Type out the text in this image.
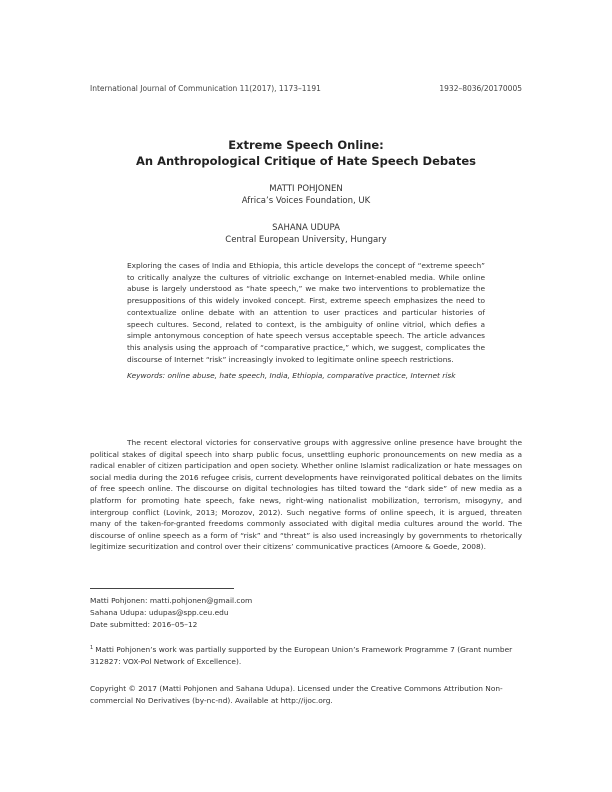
International Journal of Communication 11(2017), 1173–1191	1932–8036/20170005
Extreme Speech Online:
An Anthropological Critique of Hate Speech Debates
MATTI POHJONEN
Africa’s Voices Foundation, UK
SAHANA UDUPA
Central European University, Hungary
Exploring the cases of India and Ethiopia, this article develops the concept of “extreme speech” to critically analyze the cultures of vitriolic exchange on Internet-enabled media. While online abuse is largely understood as “hate speech,” we make two interventions to problematize the presuppositions of this widely invoked concept. First, extreme speech emphasizes the need to contextualize online debate with an attention to user practices and particular histories of speech cultures. Second, related to context, is the ambiguity of online vitriol, which defies a simple antonymous conception of hate speech versus acceptable speech. The article advances this analysis using the approach of “comparative practice,” which, we suggest, complicates the discourse of Internet “risk” increasingly invoked to legitimate online speech restrictions.
Keywords: online abuse, hate speech, India, Ethiopia, comparative practice, Internet risk
The recent electoral victories for conservative groups with aggressive online presence have brought the political stakes of digital speech into sharp public focus, unsettling euphoric pronouncements on new media as a radical enabler of citizen participation and open society. Whether online Islamist radicalization or hate messages on social media during the 2016 refugee crisis, current developments have reinvigorated political debates on the limits of free speech online. The discourse on digital technologies has tilted toward the “dark side” of new media as a platform for promoting hate speech, fake news, right-wing nationalist mobilization, terrorism, misogyny, and intergroup conflict (Lovink, 2013; Morozov, 2012). Such negative forms of online speech, it is argued, threaten many of the taken-for-granted freedoms commonly associated with digital media cultures around the world. The discourse of online speech as a form of “risk” and “threat” is also used increasingly by governments to rhetorically legitimize securitization and control over their citizens’ communicative practices (Amoore & Goede, 2008).
Matti Pohjonen: matti.pohjonen@gmail.com
Sahana Udupa: udupas@spp.ceu.edu
Date submitted: 2016–05–12
$^1$ Matti Pohjonen’s work was partially supported by the European Union’s Framework Programme 7 (Grant number 312827: VOX-Pol Network of Excellence).
Copyright © 2017 (Matti Pohjonen and Sahana Udupa). Licensed under the Creative Commons Attribution Non-commercial No Derivatives (by-nc-nd). Available at http://ijoc.org.
